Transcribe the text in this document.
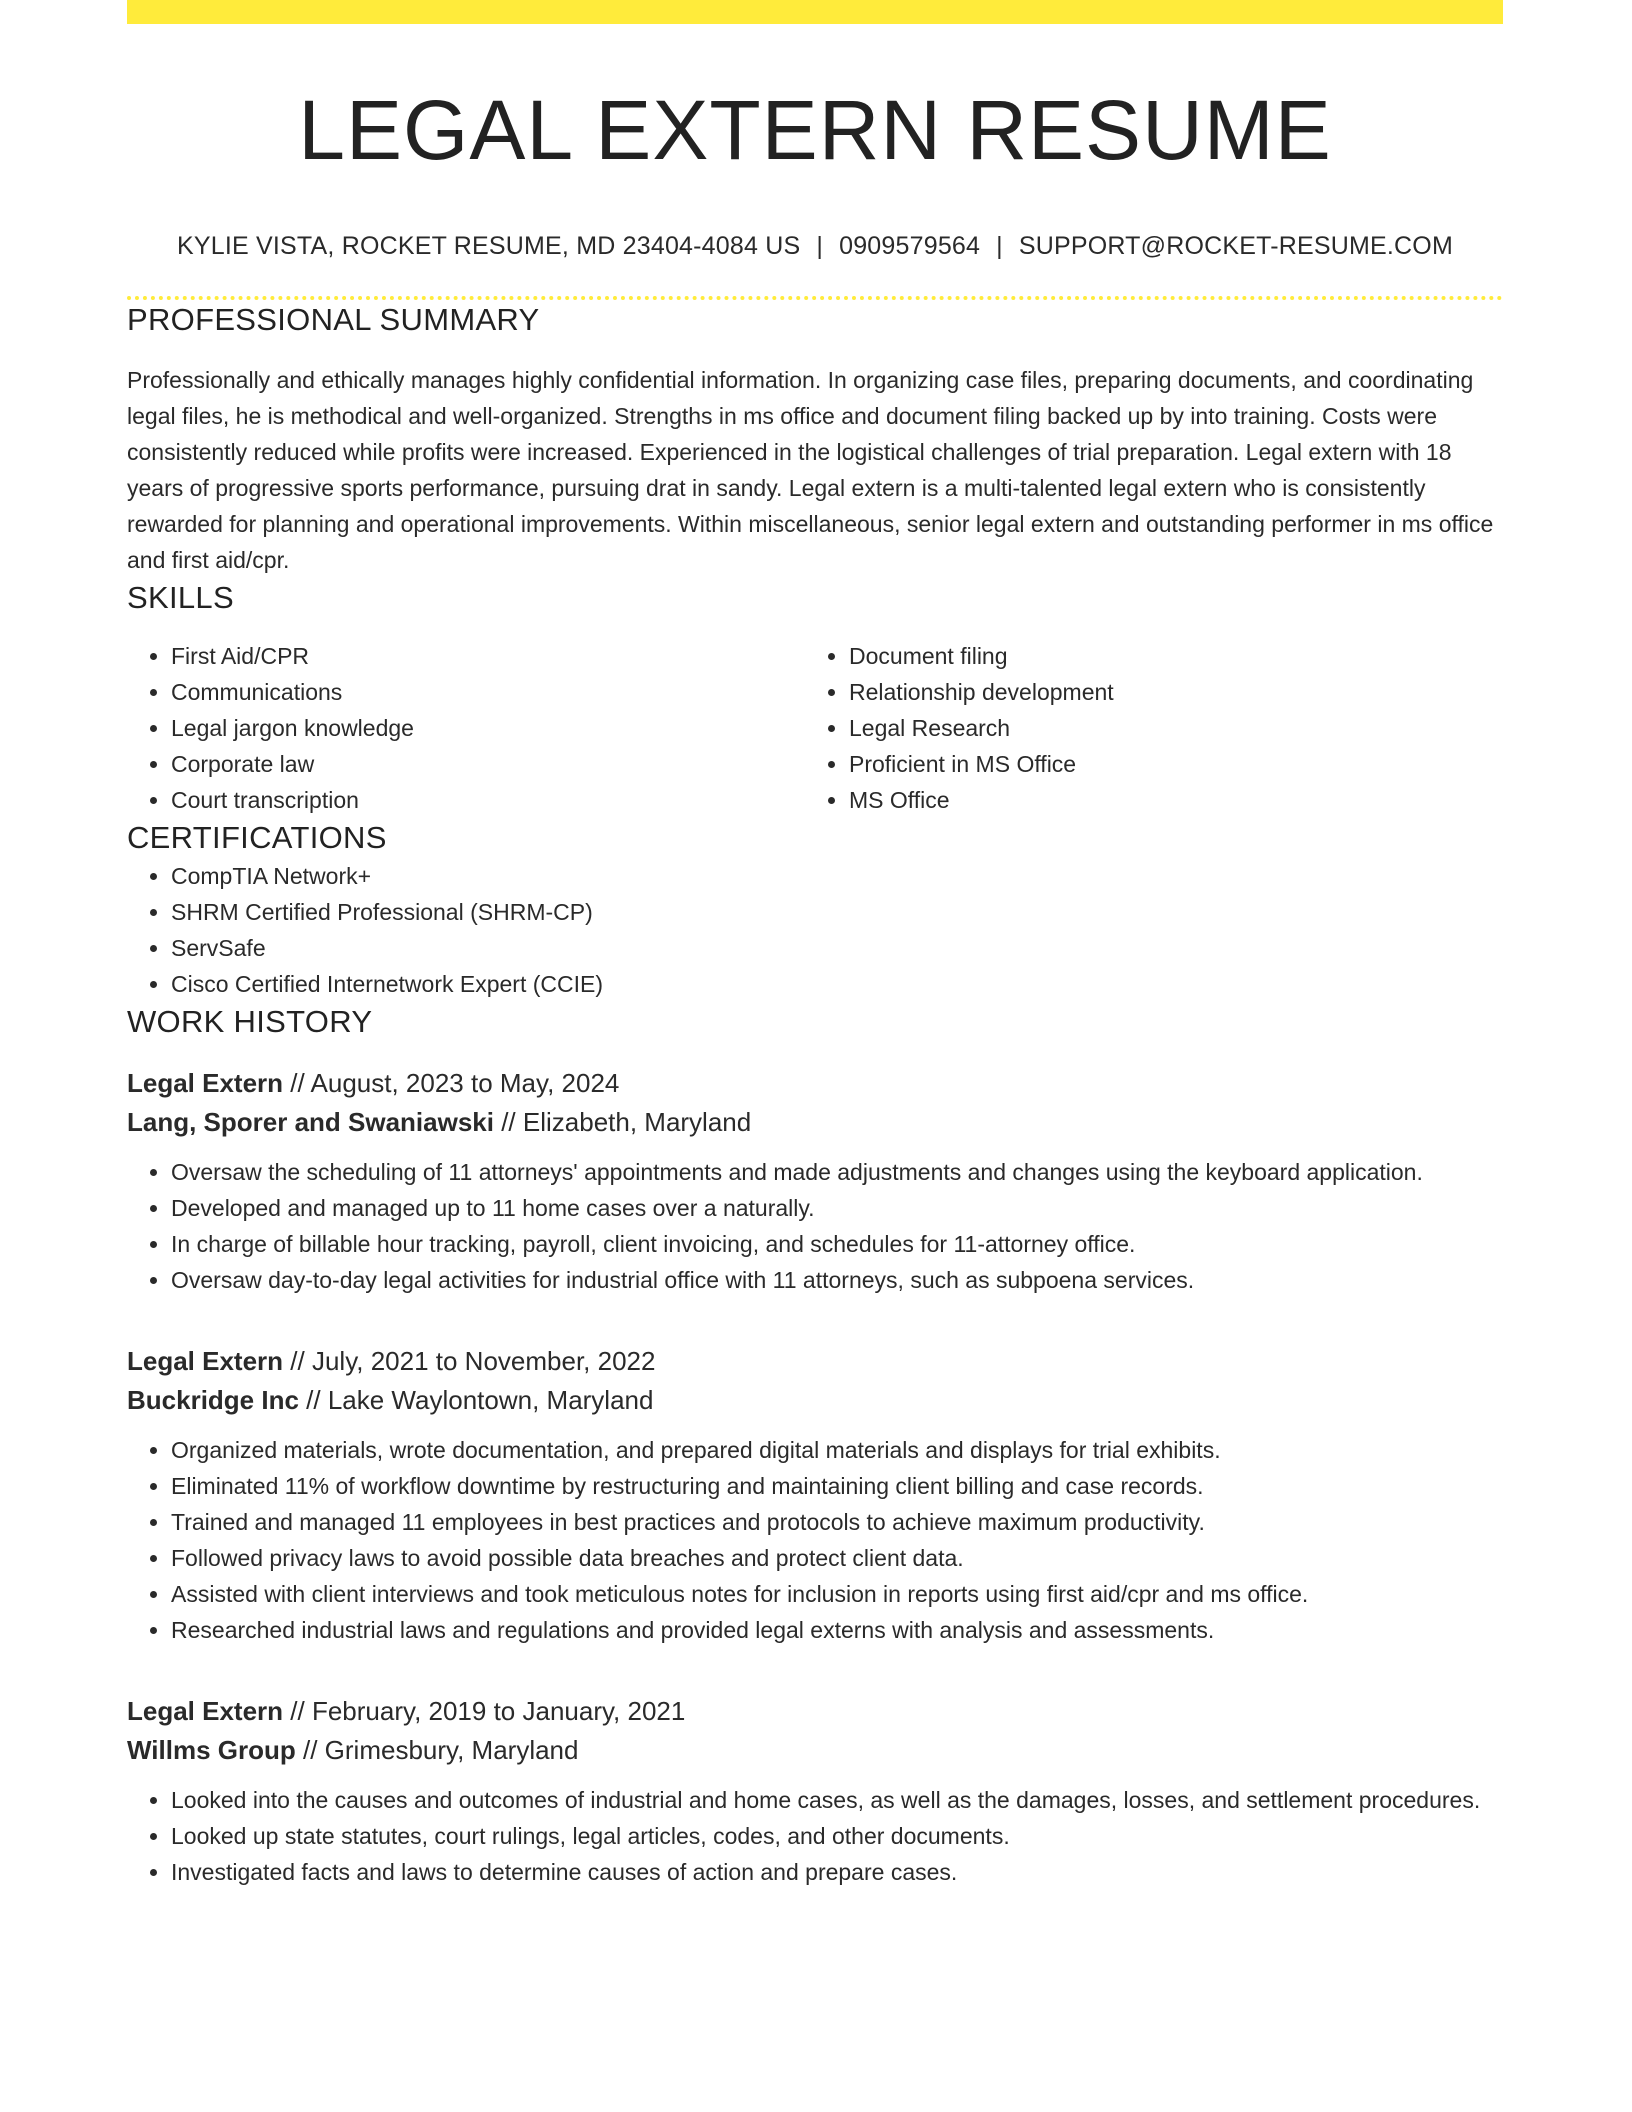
LEGAL EXTERN RESUME
KYLIE VISTA, ROCKET RESUME, MD 23404-4084 US | 0909579564 | SUPPORT@ROCKET-RESUME.COM
PROFESSIONAL SUMMARY

Professionally and ethically manages highly confidential information. In organizing case files, preparing documents, and coordinating legal files, he is methodical and well-organized. Strengths in ms office and document filing backed up by into training. Costs were consistently reduced while profits were increased. Experienced in the logistical challenges of trial preparation. Legal extern with 18 years of progressive sports performance, pursuing drat in sandy. Legal extern is a multi-talented legal extern who is consistently rewarded for planning and operational improvements. Within miscellaneous, senior legal extern and outstanding performer in ms office and first aid/cpr.

SKILLS
• First Aid/CPR
• Communications
• Legal jargon knowledge
• Corporate law
• Court transcription
• Document filing
• Relationship development
• Legal Research
• Proficient in MS Office
• MS Office
CERTIFICATIONS
• CompTIA Network+
• SHRM Certified Professional (SHRM-CP)
• ServSafe
• Cisco Certified Internetwork Expert (CCIE)
WORK HISTORY
Legal Extern // August, 2023 to May, 2024
Lang, Sporer and Swaniawski // Elizabeth, Maryland
• Oversaw the scheduling of 11 attorneys' appointments and made adjustments and changes using the keyboard application.
• Developed and managed up to 11 home cases over a naturally.
• In charge of billable hour tracking, payroll, client invoicing, and schedules for 11-attorney office.
• Oversaw day-to-day legal activities for industrial office with 11 attorneys, such as subpoena services.
Legal Extern // July, 2021 to November, 2022
Buckridge Inc // Lake Waylontown, Maryland
• Organized materials, wrote documentation, and prepared digital materials and displays for trial exhibits.
• Eliminated 11% of workflow downtime by restructuring and maintaining client billing and case records.
• Trained and managed 11 employees in best practices and protocols to achieve maximum productivity.
• Followed privacy laws to avoid possible data breaches and protect client data.
• Assisted with client interviews and took meticulous notes for inclusion in reports using first aid/cpr and ms office.
• Researched industrial laws and regulations and provided legal externs with analysis and assessments.
Legal Extern // February, 2019 to January, 2021
Willms Group // Grimesbury, Maryland
• Looked into the causes and outcomes of industrial and home cases, as well as the damages, losses, and settlement procedures.
• Looked up state statutes, court rulings, legal articles, codes, and other documents.
• Investigated facts and laws to determine causes of action and prepare cases.
